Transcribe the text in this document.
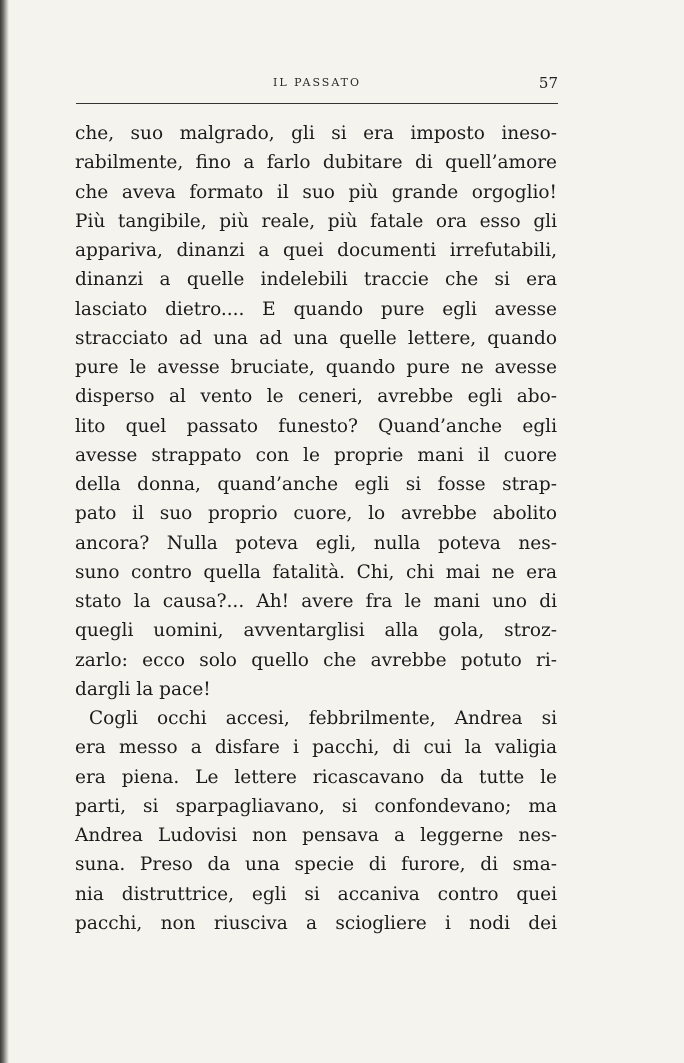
IL PASSATO	57
che, suo malgrado, gli si era imposto ineso-
rabilmente, fino a farlo dubitare di quell’amore
che aveva formato il suo più grande orgoglio!
Più tangibile, più reale, più fatale ora esso gli
appariva, dinanzi a quei documenti irrefutabili,
dinanzi a quelle indelebili traccie che si era
lasciato dietro.... E quando pure egli avesse
stracciato ad una ad una quelle lettere, quando
pure le avesse bruciate, quando pure ne avesse
disperso al vento le ceneri, avrebbe egli abo-
lito quel passato funesto? Quand’anche egli
avesse strappato con le proprie mani il cuore
della donna, quand’anche egli si fosse strap-
pato il suo proprio cuore, lo avrebbe abolito
ancora? Nulla poteva egli, nulla poteva nes-
suno contro quella fatalità. Chi, chi mai ne era
stato la causa?... Ah! avere fra le mani uno di
quegli uomini, avventarglisi alla gola, stroz-
zarlo: ecco solo quello che avrebbe potuto ri-
dargli la pace!
Cogli occhi accesi, febbrilmente, Andrea si
era messo a disfare i pacchi, di cui la valigia
era piena. Le lettere ricascavano da tutte le
parti, si sparpagliavano, si confondevano; ma
Andrea Ludovisi non pensava a leggerne nes-
suna. Preso da una specie di furore, di sma-
nia distruttrice, egli si accaniva contro quei
pacchi, non riusciva a sciogliere i nodi dei
